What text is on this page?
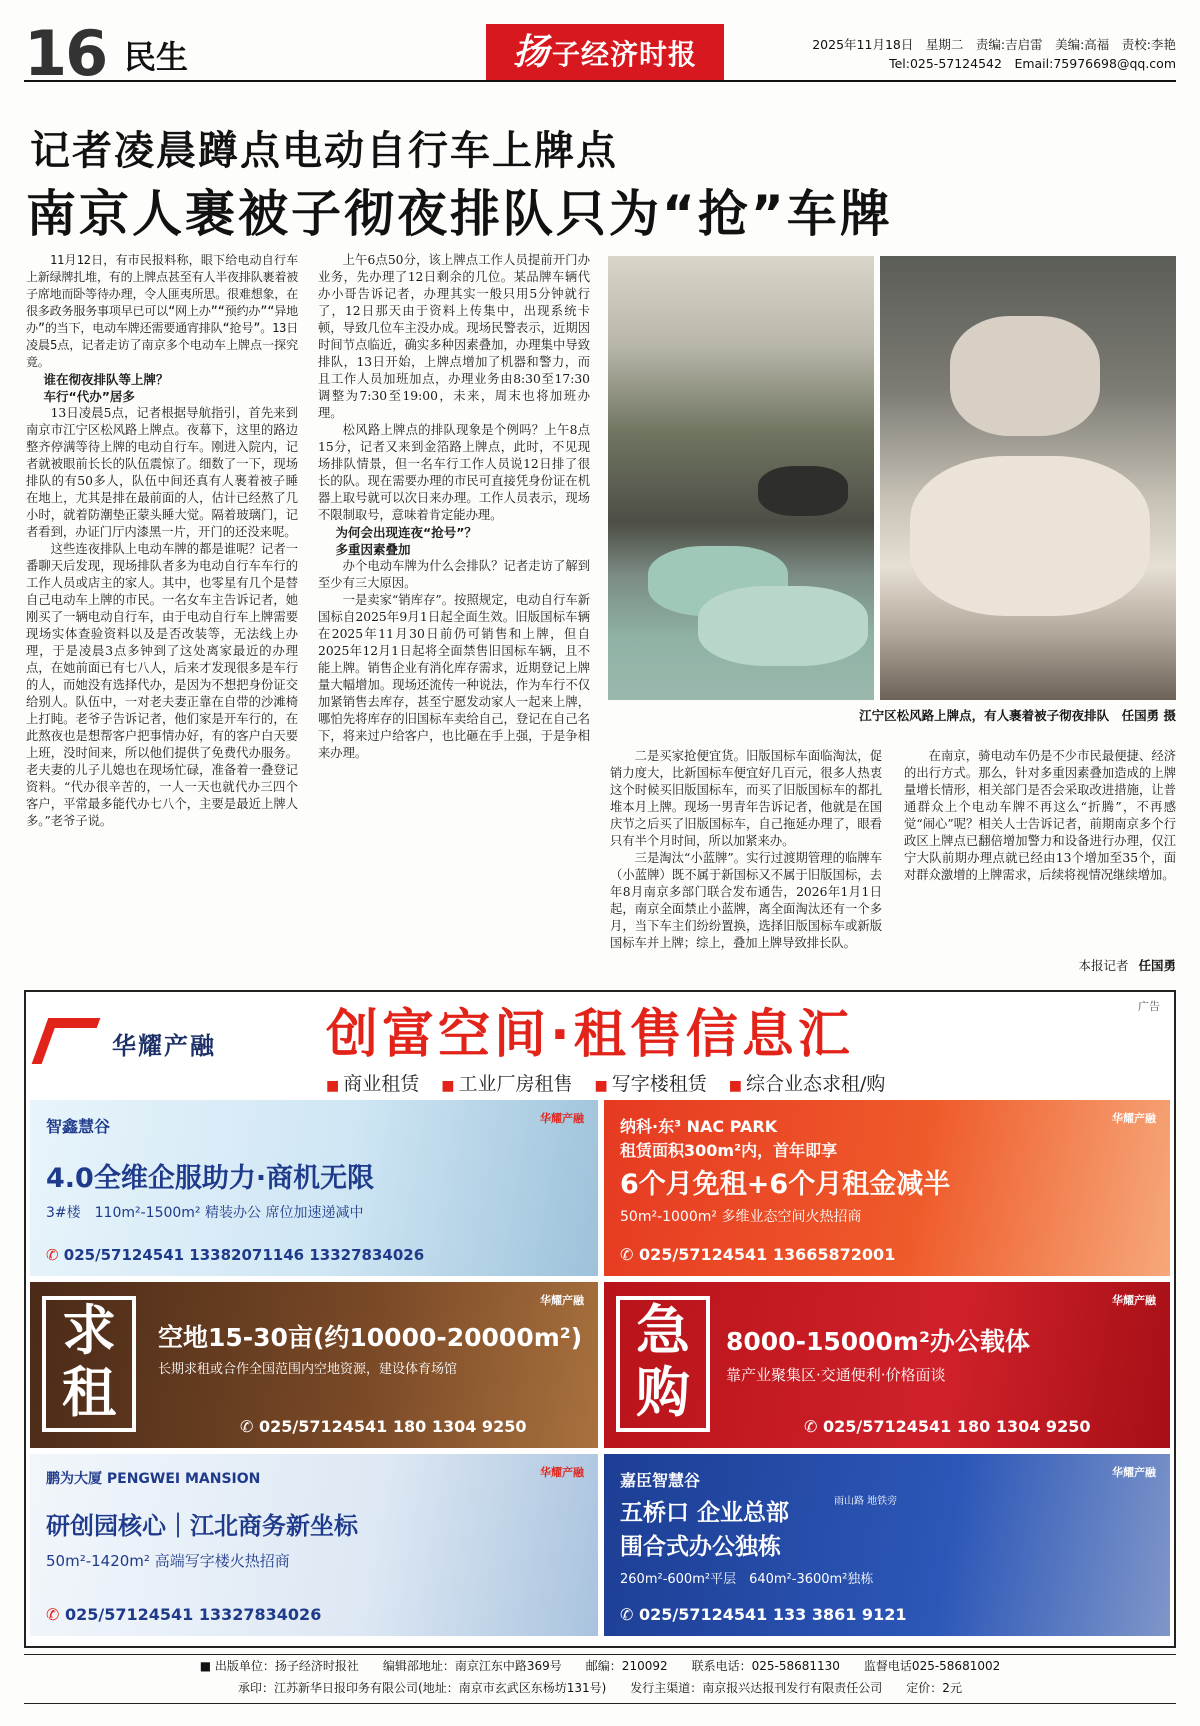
16 民生	扬子经济时报	2025年11月18日　星期二　责编:吉启雷　美编:高福　责校:李艳
Tel:025-57124542　Email:75976698@qq.com
记者凌晨蹲点电动自行车上牌点
南京人裹被子彻夜排队只为“抢”车牌

11月12日，有市民报料称，眼下给电动自行车上新绿牌扎堆，有的上牌点甚至有人半夜排队裹着被子席地而卧等待办理，令人匪夷所思。很难想象，在很多政务服务事项早已可以“网上办”“预约办”“异地办”的当下，电动车牌还需要通宵排队“抢号”。13日凌晨5点，记者走访了南京多个电动车上牌点一探究竟。

谁在彻夜排队等上牌？

车行“代办”居多

13日凌晨5点，记者根据导航指引，首先来到南京市江宁区松风路上牌点。夜幕下，这里的路边整齐停满等待上牌的电动自行车。刚进入院内，记者就被眼前长长的队伍震惊了。细数了一下，现场排队的有50多人，队伍中间还真有人裹着被子睡在地上，尤其是排在最前面的人，估计已经熬了几小时，就着防潮垫正蒙头睡大觉。隔着玻璃门，记者看到，办证门厅内漆黑一片，开门的还没来呢。

这些连夜排队上电动车牌的都是谁呢？记者一番聊天后发现，现场排队者多为电动自行车车行的工作人员或店主的家人。其中，也零星有几个是替自己电动车上牌的市民。一名女车主告诉记者，她刚买了一辆电动自行车，由于电动自行车上牌需要现场实体查验资料以及是否改装等，无法线上办理，于是凌晨3点多钟到了这处离家最近的办理点，在她前面已有七八人，后来才发现很多是车行的人，而她没有选择代办，是因为不想把身份证交给别人。队伍中，一对老夫妻正靠在自带的沙滩椅上打盹。老爷子告诉记者，他们家是开车行的，在此熬夜也是想帮客户把事情办好，有的客户白天要上班，没时间来，所以他们提供了免费代办服务。老夫妻的儿子儿媳也在现场忙碌，准备着一叠登记资料。“代办很辛苦的，一人一天也就代办三四个客户，平常最多能代办七八个，主要是最近上牌人多。”老爷子说。

上午6点50分，该上牌点工作人员提前开门办业务，先办理了12日剩余的几位。某品牌车辆代办小哥告诉记者，办理其实一般只用5分钟就行了，12日那天由于资料上传集中，出现系统卡顿，导致几位车主没办成。现场民警表示，近期因时间节点临近，确实多种因素叠加，办理集中导致排队，13日开始，上牌点增加了机器和警力，而且工作人员加班加点，办理业务由8:30至17:30调整为7:30至19:00，未来，周末也将加班办理。

松风路上牌点的排队现象是个例吗？上午8点15分，记者又来到金箔路上牌点，此时，不见现场排队情景，但一名车行工作人员说12日排了很长的队。现在需要办理的市民可直接凭身份证在机器上取号就可以次日来办理。工作人员表示，现场不限制取号，意味着肯定能办理。

为何会出现连夜“抢号”？

多重因素叠加

办个电动车牌为什么会排队？记者走访了解到至少有三大原因。

一是卖家“销库存”。按照规定，电动自行车新国标自2025年9月1日起全面生效。旧版国标车辆在2025年11月30日前仍可销售和上牌，但自2025年12月1日起将全面禁售旧国标车辆，且不能上牌。销售企业有消化库存需求，近期登记上牌量大幅增加。现场还流传一种说法，作为车行不仅加紧销售去库存，甚至宁愿发动家人一起来上牌，哪怕先将库存的旧国标车卖给自己，登记在自己名下，将来过户给客户，也比砸在手上强，于是争相来办理。

江宁区松风路上牌点，有人裹着被子彻夜排队　任国勇 摄

二是买家抢便宜货。旧版国标车面临淘汰，促销力度大，比新国标车便宜好几百元，很多人热衷这个时候买旧版国标车，而买了旧版国标车的都扎堆本月上牌。现场一男青年告诉记者，他就是在国庆节之后买了旧版国标车，自己拖延办理了，眼看只有半个月时间，所以加紧来办。

三是淘汰“小蓝牌”。实行过渡期管理的临牌车（小蓝牌）既不属于新国标又不属于旧版国标，去年8月南京多部门联合发布通告，2026年1月1日起，南京全面禁止小蓝牌，离全面淘汰还有一个多月，当下车主们纷纷置换，选择旧版国标车或新版国标车并上牌；综上，叠加上牌导致排长队。

在南京，骑电动车仍是不少市民最便捷、经济的出行方式。那么，针对多重因素叠加造成的上牌量增长情形，相关部门是否会采取改进措施，让普通群众上个电动车牌不再这么“折腾”，不再感觉“闹心”呢？相关人士告诉记者，前期南京多个行政区上牌点已翻倍增加警力和设备进行办理，仅江宁大队前期办理点就已经由13个增加至35个，面对群众激增的上牌需求，后续将视情况继续增加。

本报记者 任国勇
广告
华耀产融 创富空间·租售信息汇
■ 商业租赁	■ 工业厂房租售	■ 写字楼租赁	■ 综合业态求租/购
华耀产融
智鑫慧谷
4.0全维企服助力·商机无限
3#楼　110m²-1500m² 精装办公 席位加速递减中
✆ 025/57124541 13382071146 13327834026
华耀产融
纳科·东³ NAC PARK
租赁面积300m²内，首年即享
6个月免租+6个月租金减半
50m²-1000m² 多维业态空间火热招商
✆ 025/57124541 13665872001
华耀产融
求租
空地15-30亩(约10000-20000m²)
长期求租或合作全国范围内空地资源，建设体育场馆
✆ 025/57124541 180 1304 9250
华耀产融
急购
8000-15000m²办公载体
靠产业聚集区·交通便利·价格面谈
✆ 025/57124541 180 1304 9250
华耀产融
鹏为大厦 PENGWEI MANSION
研创园核心｜江北商务新坐标
50m²-1420m² 高端写字楼火热招商
✆ 025/57124541 13327834026
华耀产融
嘉臣智慧谷
五桥口 企业总部	雨山路 地铁旁
围合式办公独栋
260m²-600m²平层　640m²-3600m²独栋
✆ 025/57124541 133 3861 9121
■ 出版单位：扬子经济时报社　　编辑部地址：南京江东中路369号　　邮编：210092　　联系电话：025-58681130　　监督电话025-58681002
承印：江苏新华日报印务有限公司(地址：南京市玄武区东杨坊131号)　　发行主渠道：南京报兴达报刊发行有限责任公司　　定价：2元
